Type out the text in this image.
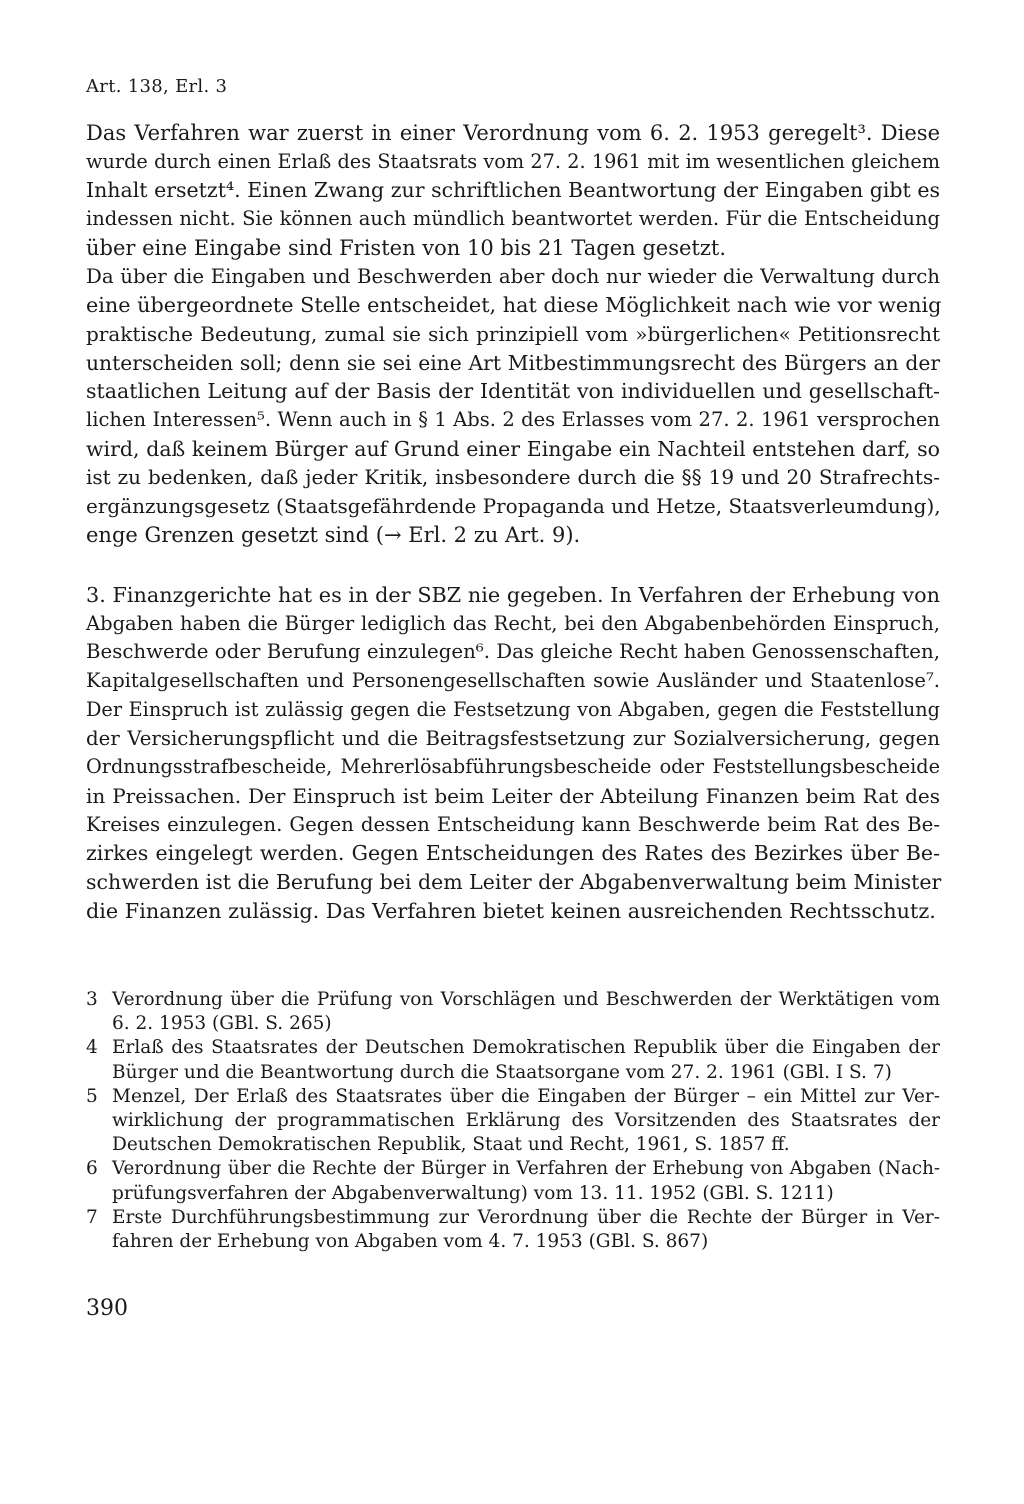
Art. 138, Erl. 3
Das Verfahren war zuerst in einer Verordnung vom 6. 2. 1953 geregelt³. Diese
wurde durch einen Erlaß des Staatsrats vom 27. 2. 1961 mit im wesentlichen gleichem
Inhalt ersetzt⁴. Einen Zwang zur schriftlichen Beantwortung der Eingaben gibt es
indessen nicht. Sie können auch mündlich beantwortet werden. Für die Entscheidung
über eine Eingabe sind Fristen von 10 bis 21 Tagen gesetzt.
Da über die Eingaben und Beschwerden aber doch nur wieder die Verwaltung durch
eine übergeordnete Stelle entscheidet, hat diese Möglichkeit nach wie vor wenig
praktische Bedeutung, zumal sie sich prinzipiell vom »bürgerlichen« Petitionsrecht
unterscheiden soll; denn sie sei eine Art Mitbestimmungsrecht des Bürgers an der
staatlichen Leitung auf der Basis der Identität von individuellen und gesellschaft-
lichen Interessen⁵. Wenn auch in § 1 Abs. 2 des Erlasses vom 27. 2. 1961 versprochen
wird, daß keinem Bürger auf Grund einer Eingabe ein Nachteil entstehen darf, so
ist zu bedenken, daß jeder Kritik, insbesondere durch die §§ 19 und 20 Strafrechts-
ergänzungsgesetz (Staatsgefährdende Propaganda und Hetze, Staatsverleumdung),
enge Grenzen gesetzt sind (→ Erl. 2 zu Art. 9).
3. Finanzgerichte hat es in der SBZ nie gegeben. In Verfahren der Erhebung von
Abgaben haben die Bürger lediglich das Recht, bei den Abgabenbehörden Einspruch,
Beschwerde oder Berufung einzulegen⁶. Das gleiche Recht haben Genossenschaften,
Kapitalgesellschaften und Personengesellschaften sowie Ausländer und Staatenlose⁷.
Der Einspruch ist zulässig gegen die Festsetzung von Abgaben, gegen die Feststellung
der Versicherungspflicht und die Beitragsfestsetzung zur Sozialversicherung, gegen
Ordnungsstrafbescheide, Mehrerlösabführungsbescheide oder Feststellungsbescheide
in Preissachen. Der Einspruch ist beim Leiter der Abteilung Finanzen beim Rat des
Kreises einzulegen. Gegen dessen Entscheidung kann Beschwerde beim Rat des Be-
zirkes eingelegt werden. Gegen Entscheidungen des Rates des Bezirkes über Be-
schwerden ist die Berufung bei dem Leiter der Abgabenverwaltung beim Minister
die Finanzen zulässig. Das Verfahren bietet keinen ausreichenden Rechtsschutz.
3 Verordnung über die Prüfung von Vorschlägen und Beschwerden der Werktätigen vom
6. 2. 1953 (GBl. S. 265)
4 Erlaß des Staatsrates der Deutschen Demokratischen Republik über die Eingaben der
Bürger und die Beantwortung durch die Staatsorgane vom 27. 2. 1961 (GBl. I S. 7)
5 Menzel, Der Erlaß des Staatsrates über die Eingaben der Bürger – ein Mittel zur Ver-
wirklichung der programmatischen Erklärung des Vorsitzenden des Staatsrates der
Deutschen Demokratischen Republik, Staat und Recht, 1961, S. 1857 ff.
6 Verordnung über die Rechte der Bürger in Verfahren der Erhebung von Abgaben (Nach-
prüfungsverfahren der Abgabenverwaltung) vom 13. 11. 1952 (GBl. S. 1211)
7 Erste Durchführungsbestimmung zur Verordnung über die Rechte der Bürger in Ver-
fahren der Erhebung von Abgaben vom 4. 7. 1953 (GBl. S. 867)
390
